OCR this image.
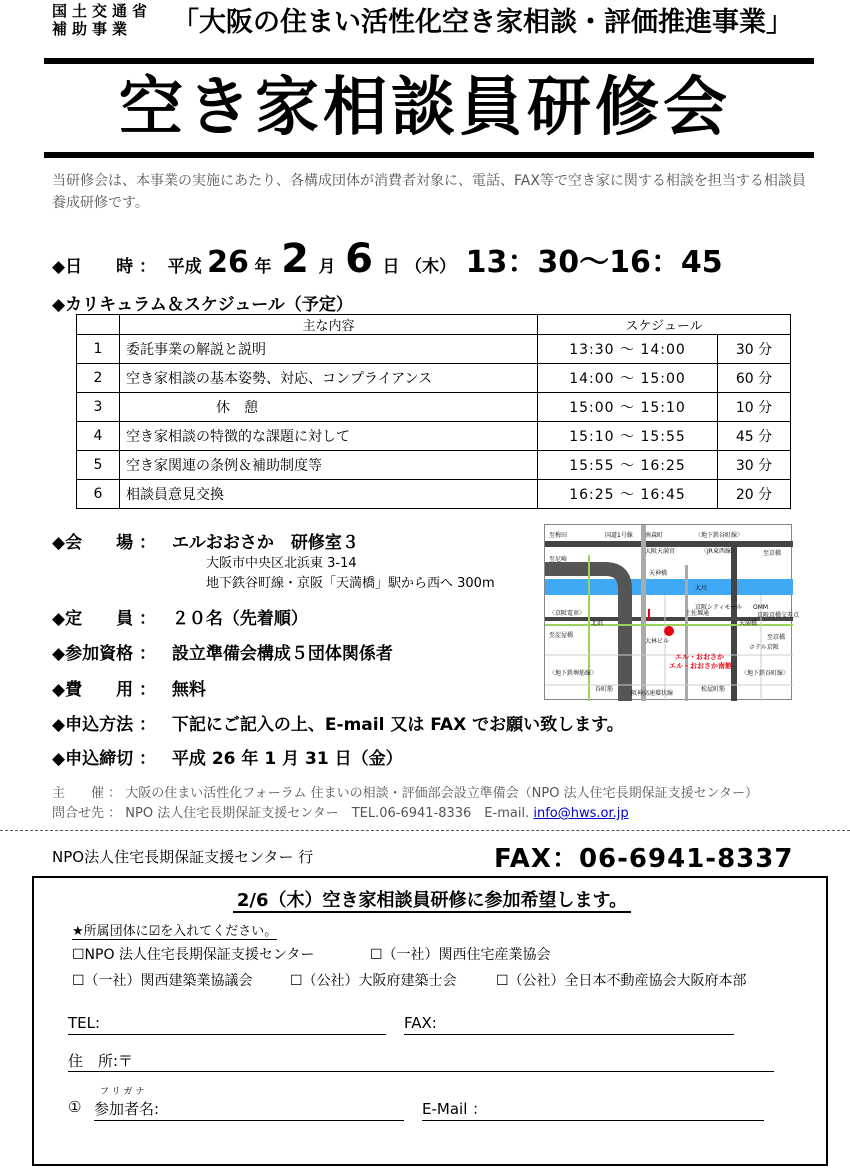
国土交通省
補助事業	「大阪の住まい活性化空き家相談・評価推進事業」
空き家相談員研修会
当研修会は、本事業の実施にあたり、各構成団体が消費者対象に、電話、FAX等で空き家に関する相談を担当する相談員養成研修です。
◆日　　時 ： 平成 26 年 2 月 6 日 （木） 13：30〜16：45
◆カリキュラム＆スケジュール（予定）
	主な内容	スケジュール	
1	委託事業の解説と説明	13:30 〜 14:00	30 分
2	空き家相談の基本姿勢、対応、コンプライアンス	14:00 〜 15:00	60 分
3	休　憩	15:00 〜 15:10	10 分
4	空き家相談の特徴的な課題に対して	15:10 〜 15:55	45 分
5	空き家関連の条例＆補助制度等	15:55 〜 16:25	30 分
6	相談員意見交換	16:25 〜 16:45	20 分
◆会　　場 ： エルおおさか　研修室３
大阪市中央区北浜東 3-14
地下鉄谷町線・京阪「天満橋」駅から西へ 300m
◆定　　員 ： ２０名（先着順）
◆参加資格 ： 設立準備会構成５団体関係者
◆費　　用 ： 無料
◆申込方法 ： 下記にご記入の上、E-mail 又は FAX でお願い致します。
◆申込締切 ： 平成 26 年 1 月 31 日（金）
至梅田	国道1号線	〈地下鉄谷町線〉
南森町
大阪天満宮
至尼崎
〈JR東西線〉	至京橋
天神橋
大川
京阪シティモール OMM
〈京阪電車〉
北浜
土佐堀通
天満橋
至淀屋橋
阪神高速環状線
エル・おおさか
エル・おおさか南館
ホテル京阪
〈地下鉄堺筋線〉	〈地下鉄谷町線〉
谷町筋	松屋町筋
大林ビル
京阪京橋交差点
至京橋
主　　催 ： 大阪の住まい活性化フォーラム 住まいの相談・評価部会設立準備会（NPO 法人住宅長期保証支援センター）
問合せ先 ： NPO 法人住宅長期保証支援センター　TEL.06-6941-8336　E-mail. info@hws.or.jp
NPO法人住宅長期保証支援センター 行	FAX：06-6941-8337
2/6（木）空き家相談員研修に参加希望します。
★所属団体に☑を入れてください。
☐NPO 法人住宅長期保証支援センター	☐（一社）関西住宅産業協会
☐（一社）関西建築業協議会	☐（公社）大阪府建築士会	☐（公社）全日本不動産協会大阪府本部
TEL:	FAX:
住　所:〒
フリガナ
① 参加者名:	E-Mail ：
